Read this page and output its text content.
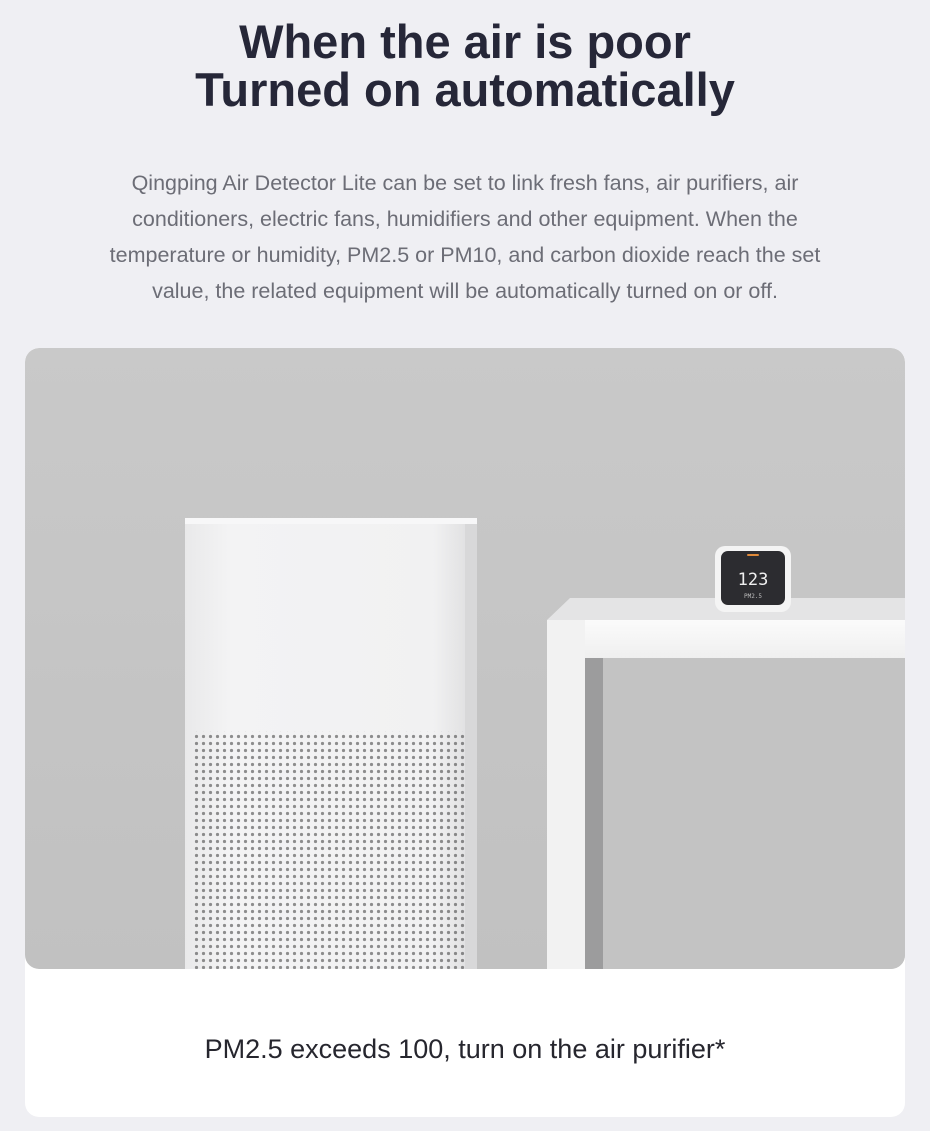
When the air is poor
Turned on automatically

Qingping Air Detector Lite can be set to link fresh fans, air purifiers, air conditioners, electric fans, humidifiers and other equipment. When the temperature or humidity, PM2.5 or PM10, and carbon dioxide reach the set value, the related equipment will be automatically turned on or off.

123
PM2.5
PM2.5 exceeds 100, turn on the air purifier*
